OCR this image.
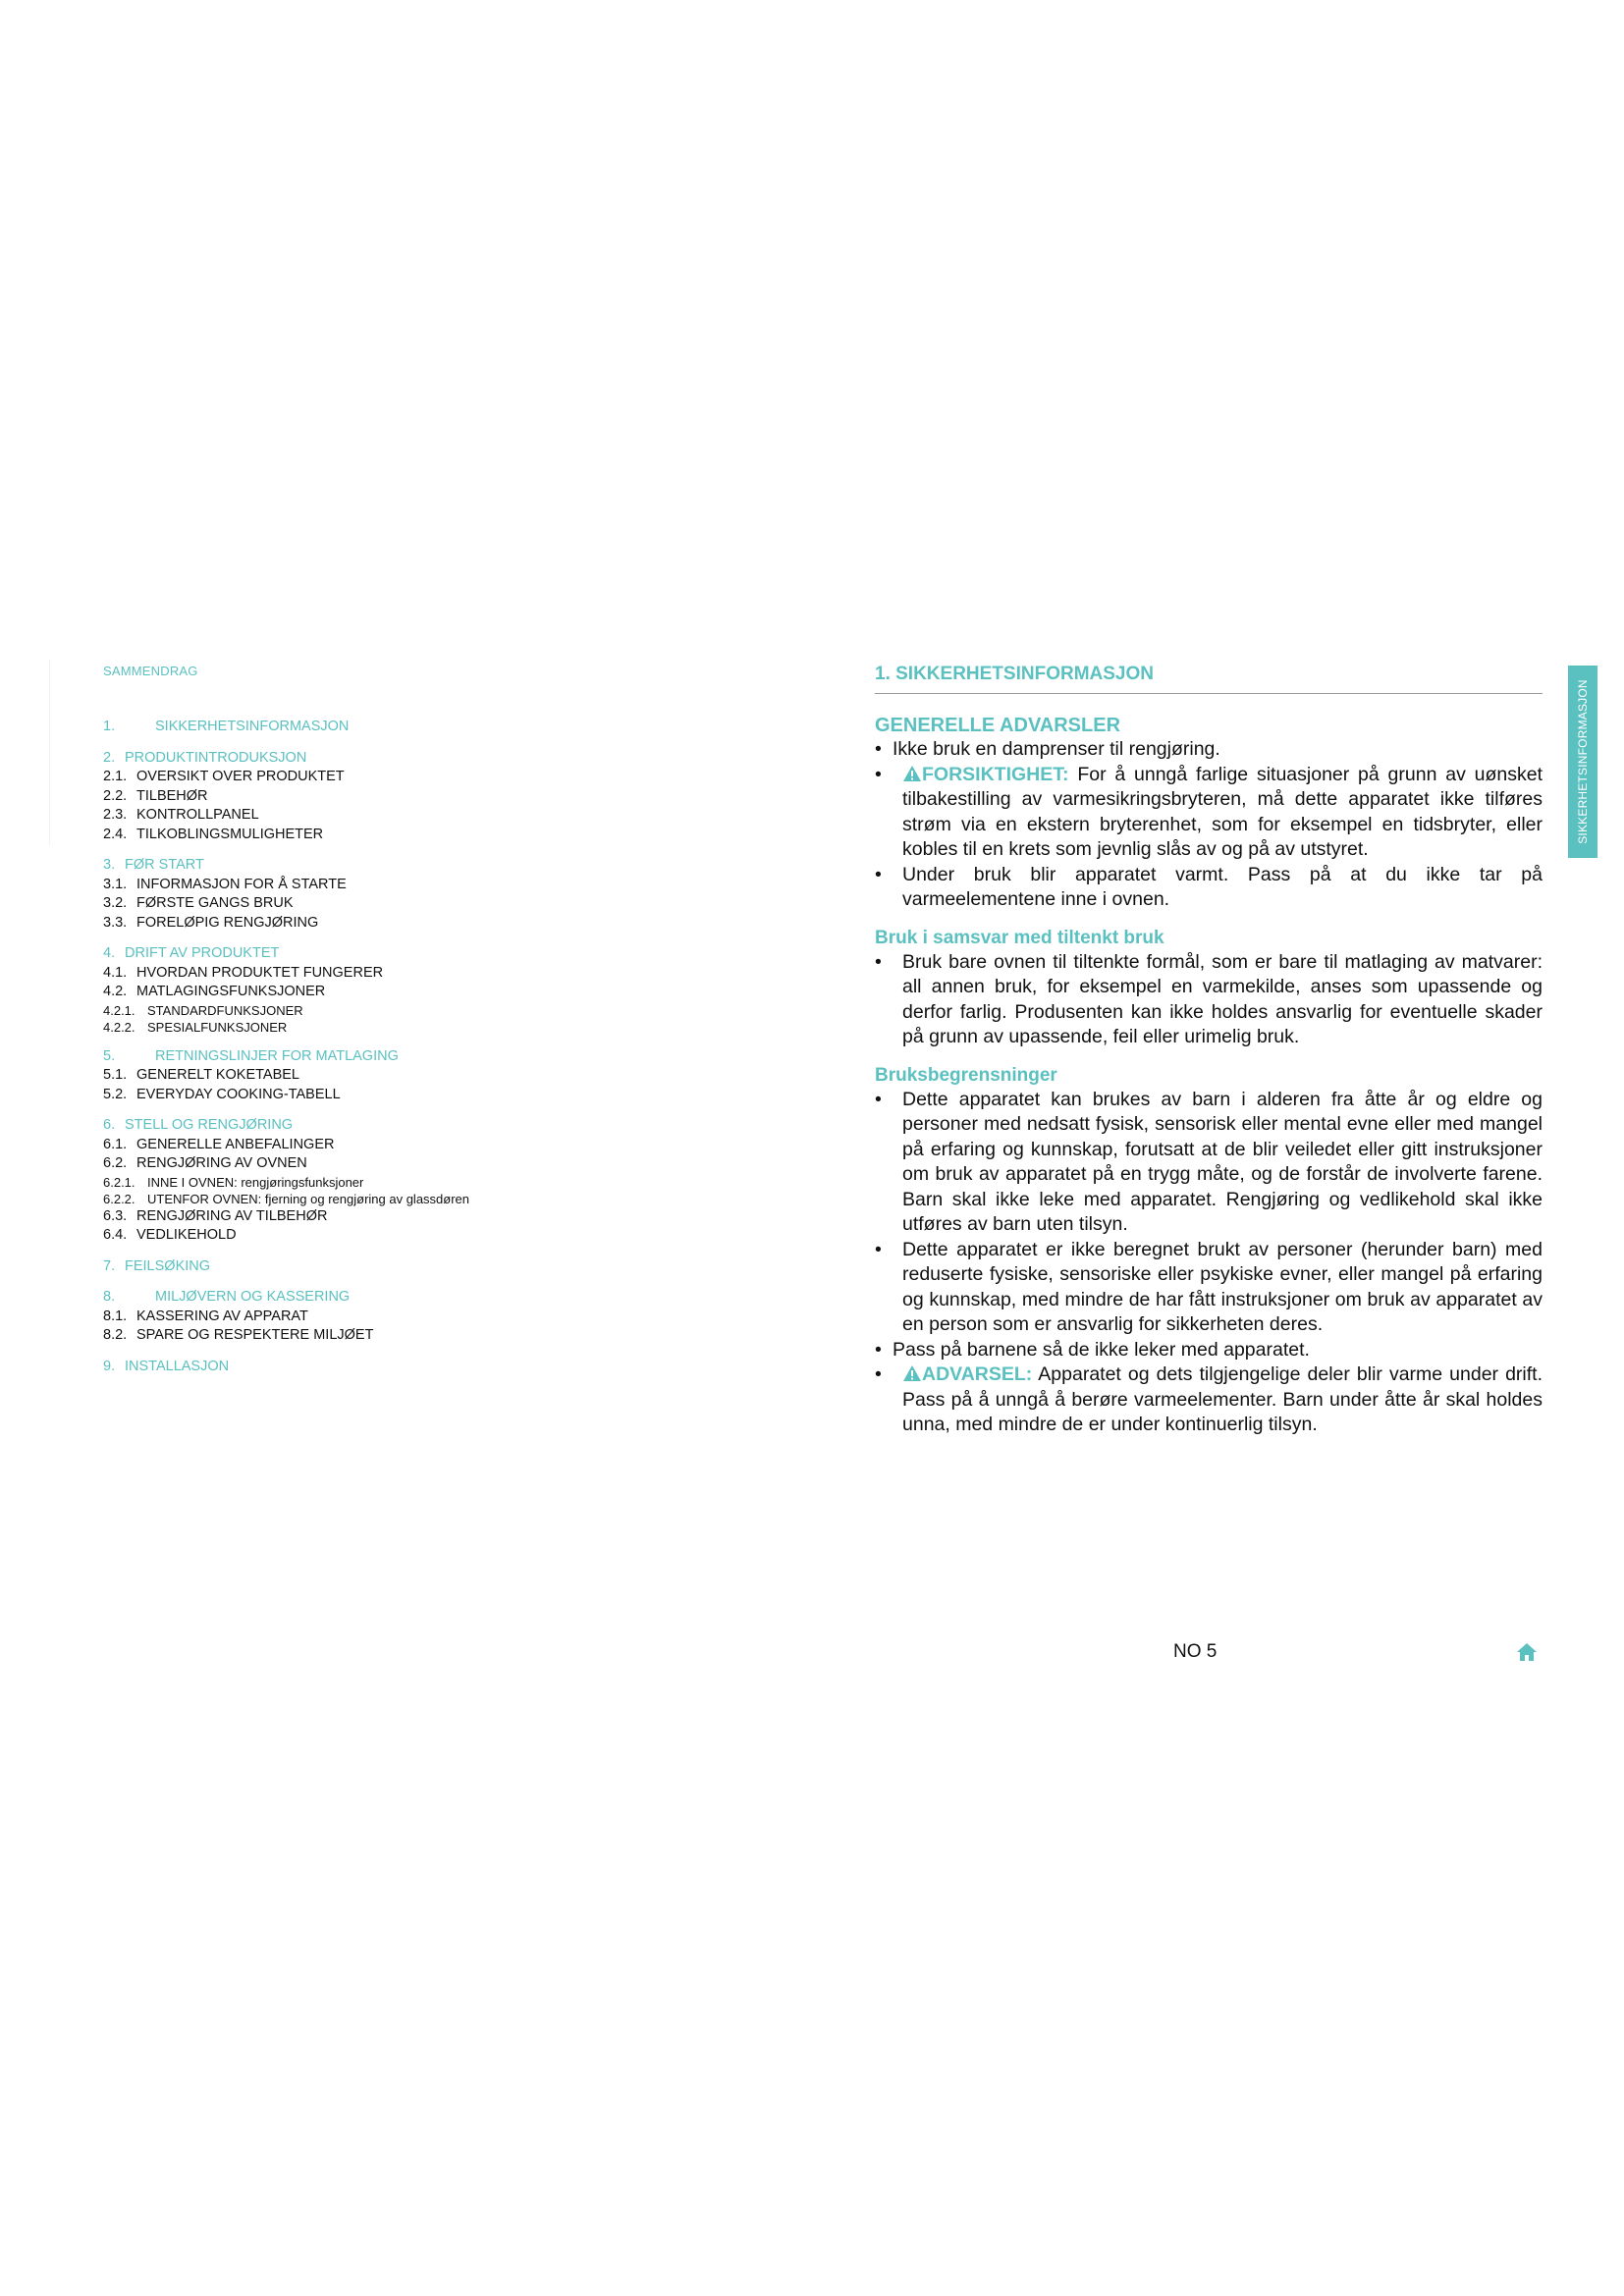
SAMMENDRAG
1.	SIKKERHETSINFORMASJON
2. PRODUKTINTRODUKSJON
2.1. OVERSIKT OVER PRODUKTET
2.2. TILBEHØR
2.3. KONTROLLPANEL
2.4. TILKOBLINGSMULIGHETER
3. FØR START
3.1. INFORMASJON FOR Å STARTE
3.2. FØRSTE GANGS BRUK
3.3. FORELØPIG RENGJØRING
4. DRIFT AV PRODUKTET
4.1. HVORDAN PRODUKTET FUNGERER
4.2. MATLAGINGSFUNKSJONER
4.2.1. STANDARDFUNKSJONER
4.2.2. SPESIALFUNKSJONER
5.	RETNINGSLINJER FOR MATLAGING
5.1. GENERELT KOKETABEL
5.2. EVERYDAY COOKING-TABELL
6. STELL OG RENGJØRING
6.1. GENERELLE ANBEFALINGER
6.2. RENGJØRING AV OVNEN
6.2.1. INNE I OVNEN: rengjøringsfunksjoner
6.2.2. UTENFOR OVNEN: fjerning og rengjøring av glassdøren
6.3. RENGJØRING AV TILBEHØR
6.4. VEDLIKEHOLD
7. FEILSØKING
8.	MILJØVERN OG KASSERING
8.1. KASSERING AV APPARAT
8.2. SPARE OG RESPEKTERE MILJØET
9. INSTALLASJON
1. SIKKERHETSINFORMASJON
GENERELLE ADVARSLER
• Ikke bruk en damprenser til rengjøring.
• FORSIKTIGHET: For å unngå farlige situasjoner på grunn av uønsket tilbakestilling av varmesikringsbryteren, må dette apparatet ikke tilføres strøm via en ekstern bryterenhet, som for eksempel en tidsbryter, eller kobles til en krets som jevnlig slås av og på av utstyret.
• Under bruk blir apparatet varmt. Pass på at du ikke tar på varmeelementene inne i ovnen.
Bruk i samsvar med tiltenkt bruk
• Bruk bare ovnen til tiltenkte formål, som er bare til matlaging av matvarer: all annen bruk, for eksempel en varmekilde, anses som upassende og derfor farlig. Produsenten kan ikke holdes ansvarlig for eventuelle skader på grunn av upassende, feil eller urimelig bruk.
Bruksbegrensninger
• Dette apparatet kan brukes av barn i alderen fra åtte år og eldre og personer med nedsatt fysisk, sensorisk eller mental evne eller med mangel på erfaring og kunnskap, forutsatt at de blir veiledet eller gitt instruksjoner om bruk av apparatet på en trygg måte, og de forstår de involverte farene. Barn skal ikke leke med apparatet. Rengjøring og vedlikehold skal ikke utføres av barn uten tilsyn.
• Dette apparatet er ikke beregnet brukt av personer (herunder barn) med reduserte fysiske, sensoriske eller psykiske evner, eller mangel på erfaring og kunnskap, med mindre de har fått instruksjoner om bruk av apparatet av en person som er ansvarlig for sikkerheten deres.
• Pass på barnene så de ikke leker med apparatet.
• ADVARSEL: Apparatet og dets tilgjengelige deler blir varme under drift. Pass på å unngå å berøre varmeelementer. Barn under åtte år skal holdes unna, med mindre de er under kontinuerlig tilsyn.
SIKKERHETSINFORMASJON
NO 5
